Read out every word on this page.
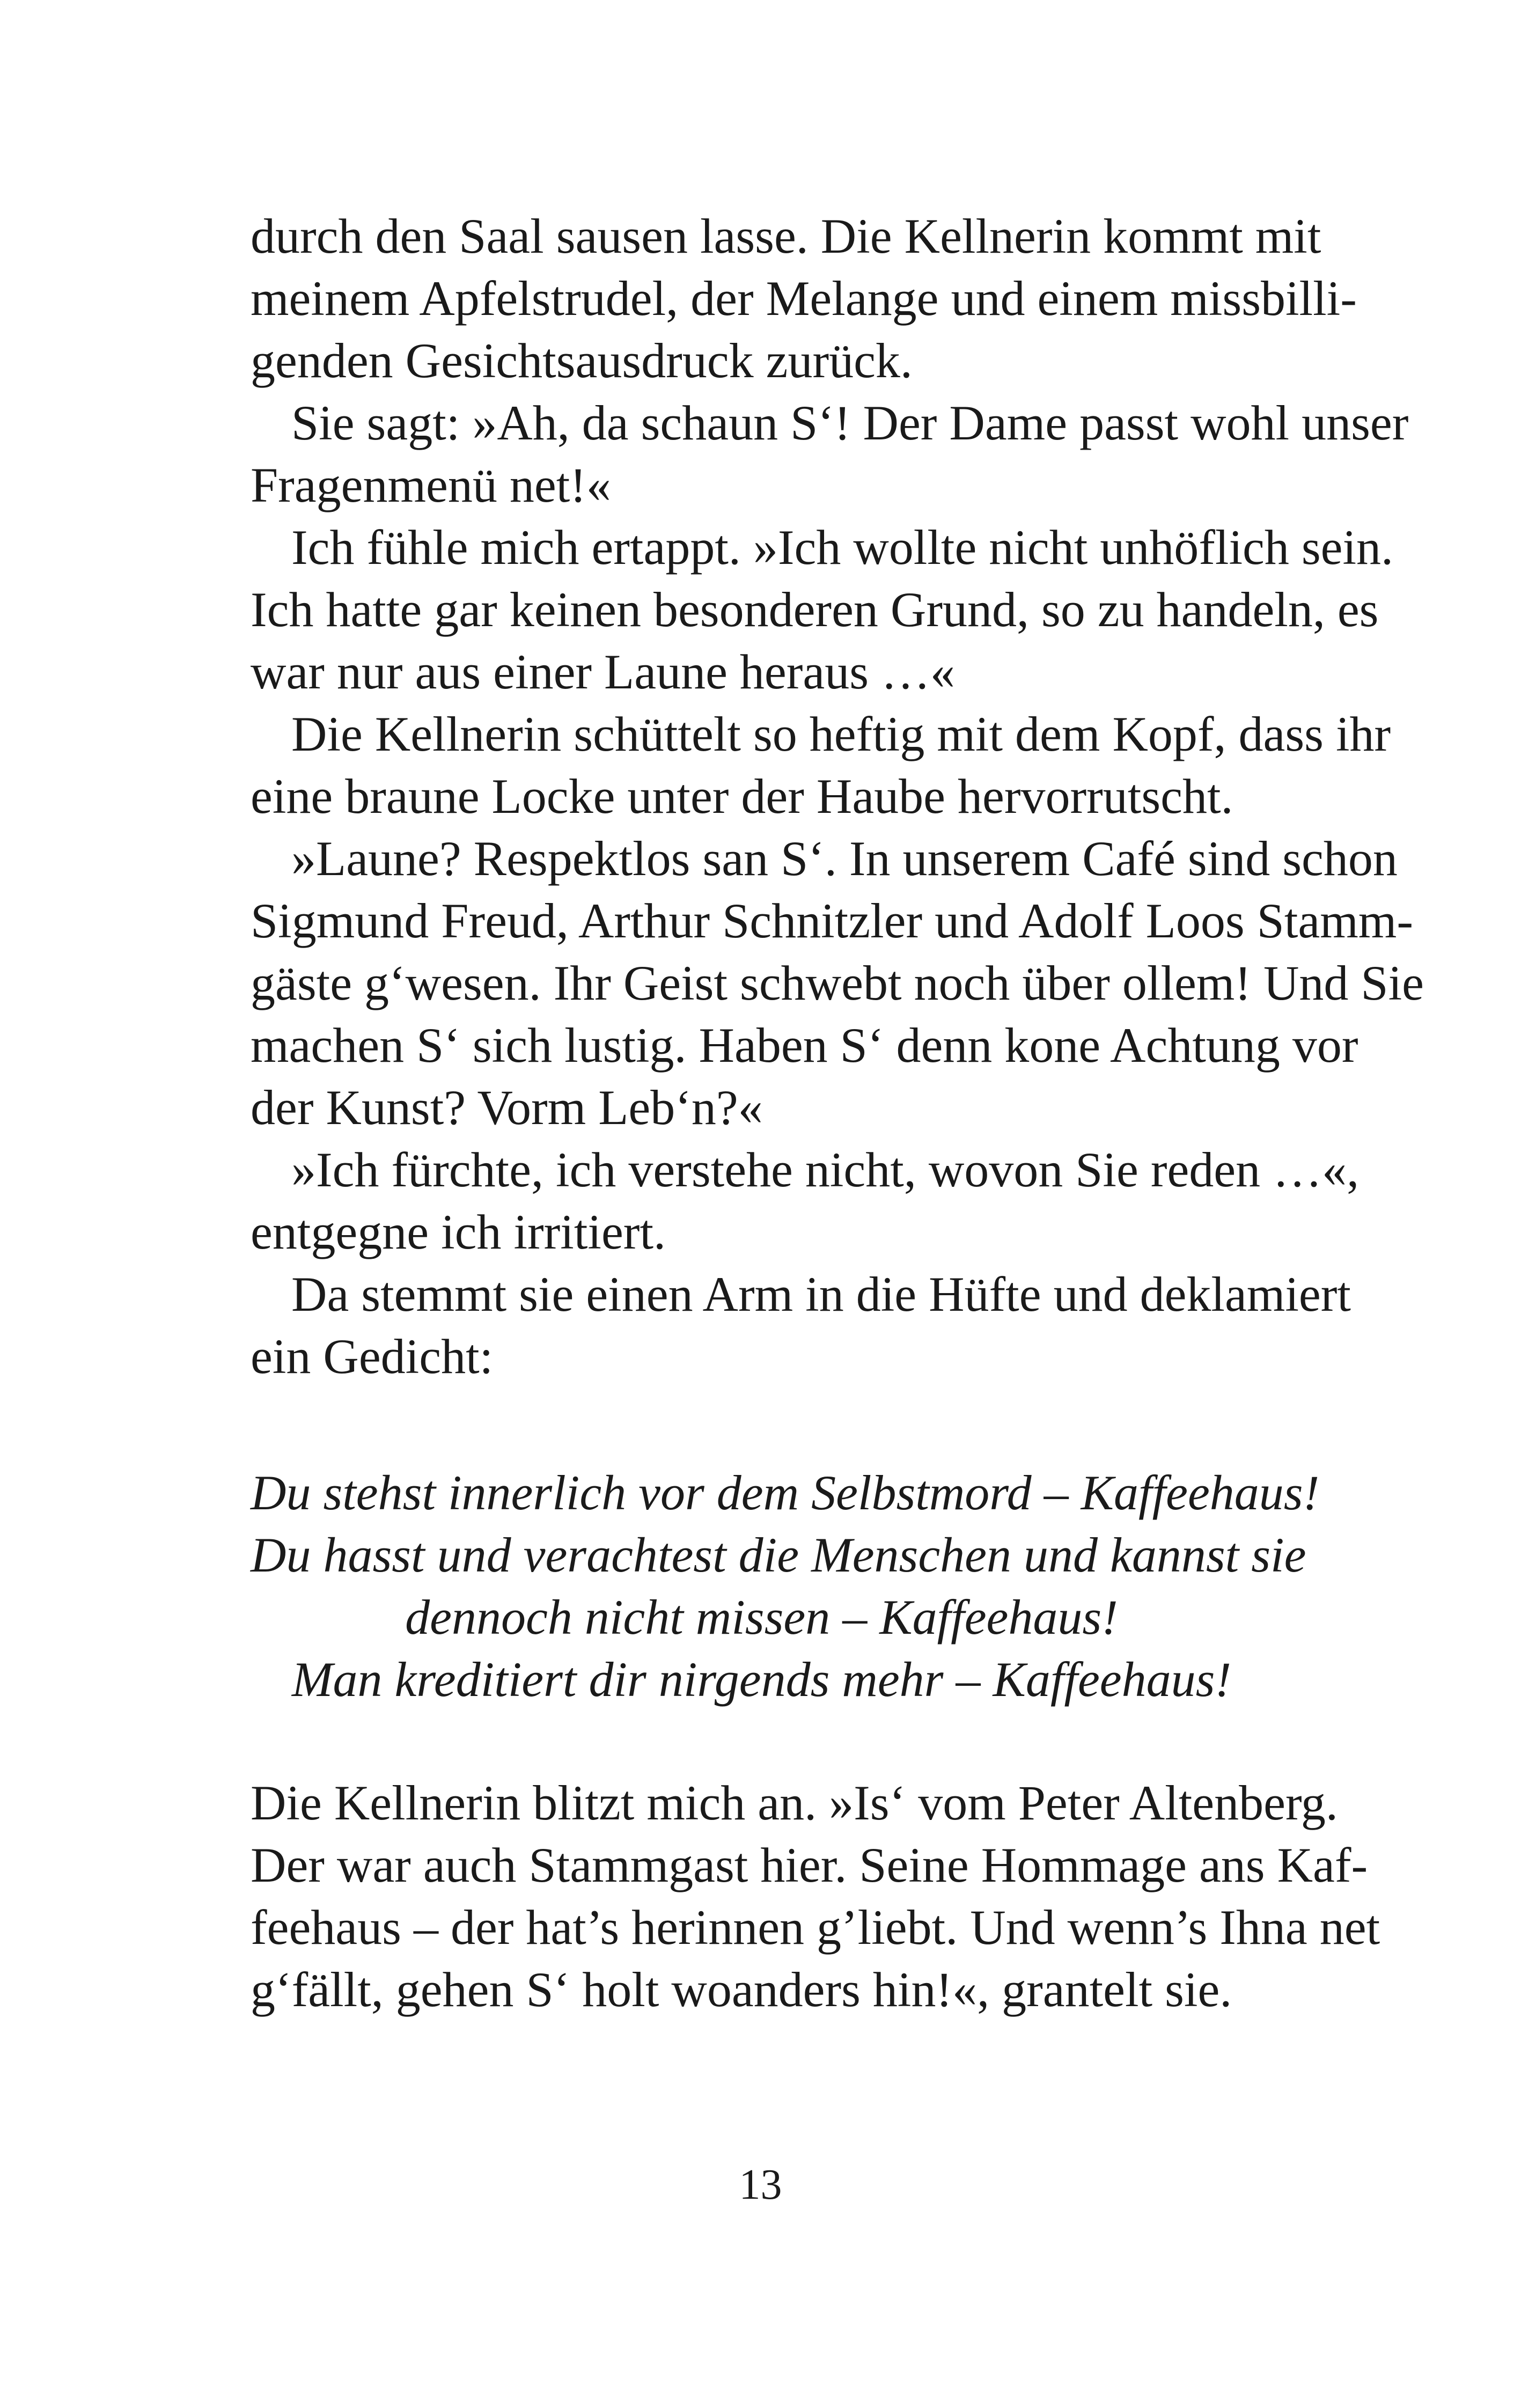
durch den Saal sausen lasse. Die Kellnerin kommt mit
meinem Apfelstrudel, der Melange und einem missbilli-
genden Gesichtsausdruck zurück.
Sie sagt: »Ah, da schaun S‘! Der Dame passt wohl unser
Fragenmenü net!«
Ich fühle mich ertappt. »Ich wollte nicht unhöflich sein.
Ich hatte gar keinen besonderen Grund, so zu handeln, es
war nur aus einer Laune heraus …«
Die Kellnerin schüttelt so heftig mit dem Kopf, dass ihr
eine braune Locke unter der Haube hervorrutscht.
»Laune? Respektlos san S‘. In unserem Café sind schon
Sigmund Freud, Arthur Schnitzler und Adolf Loos Stamm-
gäste g‘wesen. Ihr Geist schwebt noch über ollem! Und Sie
machen S‘ sich lustig. Haben S‘ denn kone Achtung vor
der Kunst? Vorm Leb‘n?«
»Ich fürchte, ich verstehe nicht, wovon Sie reden …«,
entgegne ich irritiert.
Da stemmt sie einen Arm in die Hüfte und deklamiert
ein Gedicht:
Du stehst innerlich vor dem Selbstmord – Kaffeehaus!
Du hasst und verachtest die Menschen und kannst sie
dennoch nicht missen – Kaffeehaus!
Man kreditiert dir nirgends mehr – Kaffeehaus!
Die Kellnerin blitzt mich an. »Is‘ vom Peter Altenberg.
Der war auch Stammgast hier. Seine Hommage ans Kaf-
feehaus – der hat’s herinnen g’liebt. Und wenn’s Ihna net
g‘fällt, gehen S‘ holt woanders hin!«, grantelt sie.
13
